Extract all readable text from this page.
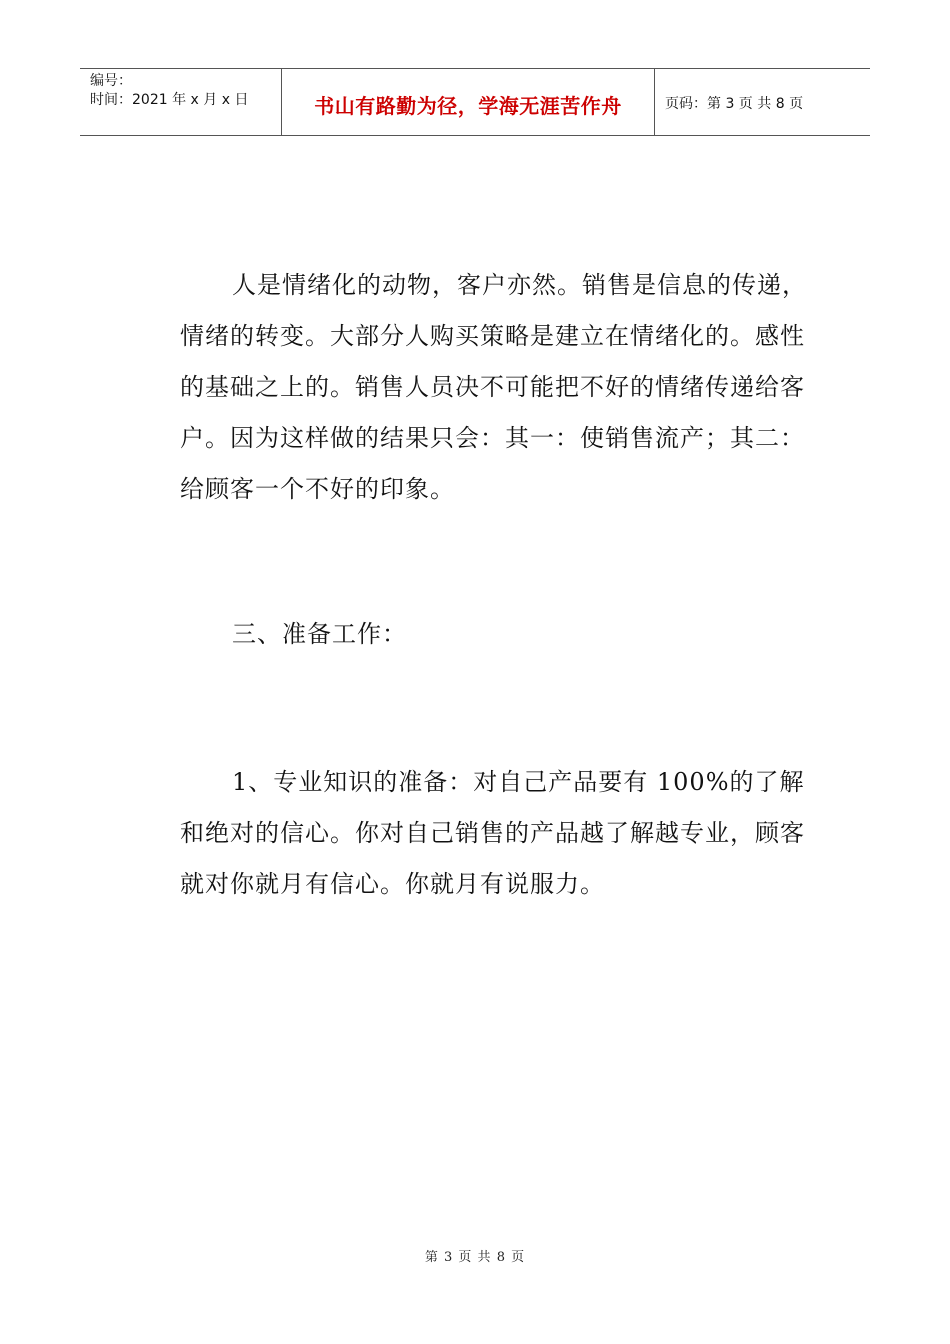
编号：
时间：2021 年 x 月 x 日	书山有路勤为径，学海无涯苦作舟	页码：第 3 页 共 8 页

人是情绪化的动物，客户亦然。销售是信息的传递，情绪的转变。大部分人购买策略是建立在情绪化的。感性的基础之上的。销售人员决不可能把不好的情绪传递给客户。因为这样做的结果只会：其一：使销售流产；其二：给顾客一个不好的印象。

三、准备工作：

1、专业知识的准备：对自己产品要有 100%的了解和绝对的信心。你对自己销售的产品越了解越专业，顾客就对你就月有信心。你就月有说服力。

第 3 页 共 8 页
